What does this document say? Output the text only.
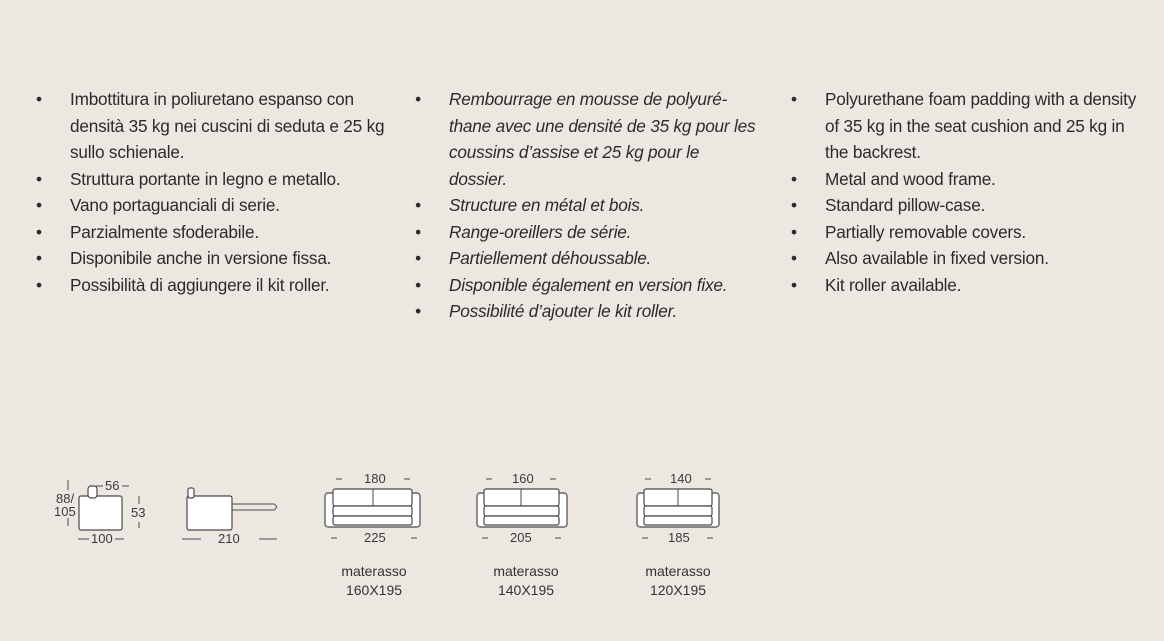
• Imbottitura in poliuretano espanso con densità 35 kg nei cuscini di seduta e 25 kg sullo schienale.
• Struttura portante in legno e metallo.
• Vano portaguanciali di serie.
• Parzialmente sfoderabile.
• Disponibile anche in versione fissa.
• Possibilità di aggiungere il kit roller.
• Rembourrage en mousse de polyuréthane avec une densité de 35 kg pour les coussins d’assise et 25 kg pour le dossier.
• Structure en métal et bois.
• Range-oreillers de série.
• Partiellement déhoussable.
• Disponible également en version fixe.
• Possibilité d’ajouter le kit roller.
• Polyurethane foam padding with a density of 35 kg in the seat cushion and 25 kg in the backrest.
• Metal and wood frame.
• Standard pillow-case.
• Partially removable covers.
• Also available in fixed version.
• Kit roller available.
88/
105
56
53
100	210
180
225
160
205
140
185
materasso
160X195
materasso
140X195
materasso
120X195
